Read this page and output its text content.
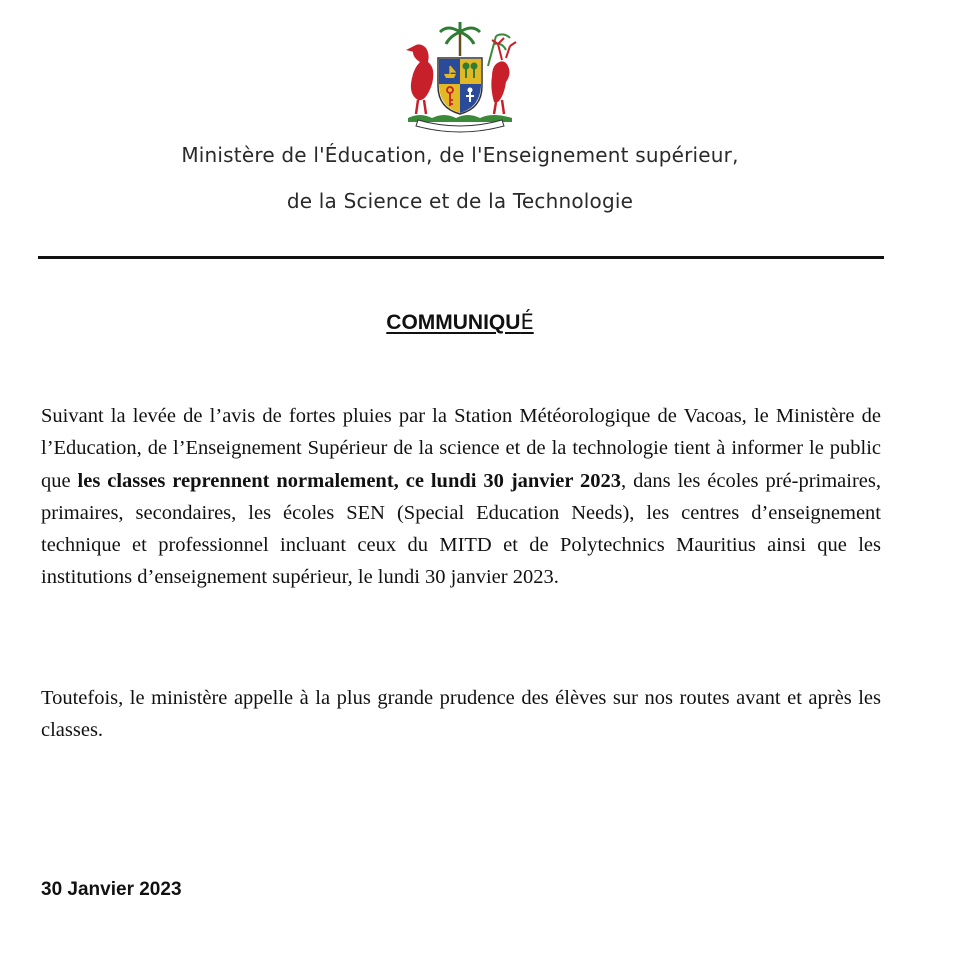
Ministère de l'Éducation, de l'Enseignement supérieur,
de la Science et de la Technologie
COMMUNIQUÉ
Suivant la levée de l’avis de fortes pluies par la Station Météorologique de Vacoas, le Ministère de l’Education, de l’Enseignement Supérieur de la science et de la technologie tient à informer le public que les classes reprennent normalement, ce lundi 30 janvier 2023, dans les écoles pré-primaires, primaires, secondaires, les écoles SEN (Special Education Needs), les centres d’enseignement technique et professionnel incluant ceux du MITD et de Polytechnics Mauritius ainsi que les institutions d’enseignement supérieur, le lundi 30 janvier 2023.
Toutefois, le ministère appelle à la plus grande prudence des élèves sur nos routes avant et après les classes.
30 Janvier 2023
